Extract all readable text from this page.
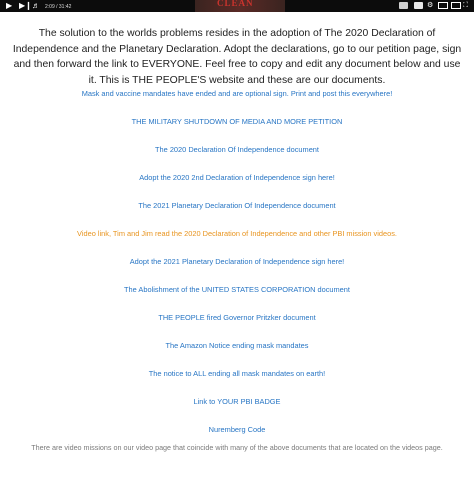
CLEAN
▶ ▶❙ ♬ 2:09 / 31:42	⚙	⛶
The solution to the worlds problems resides in the adoption of The 2020 Declaration of Independence and the Planetary Declaration. Adopt the declarations, go to our petition page, sign and then forward the link to EVERYONE. Feel free to copy and edit any document below and use it. This is THE PEOPLE'S website and these are our documents.
Mask and vaccine mandates have ended and are optional sign. Print and post this everywhere!
THE MILITARY SHUTDOWN OF MEDIA AND MORE PETITION
The 2020 Declaration Of Independence document
Adopt the 2020 2nd Declaration of Independence sign here!
The 2021 Planetary Declaration Of Independence document
Video link, Tim and Jim read the 2020 Declaration of Independence and other PBI mission videos.
Adopt the 2021 Planetary Declaration of Independence sign here!
The Abolishment of the UNITED STATES CORPORATION document
THE PEOPLE fired Governor Pritzker document
The Amazon Notice ending mask mandates
The notice to ALL ending all mask mandates on earth!
Link to YOUR PBI BADGE
Nuremberg Code
There are video missions on our video page that coincide with many of the above documents that are located on the videos page.
